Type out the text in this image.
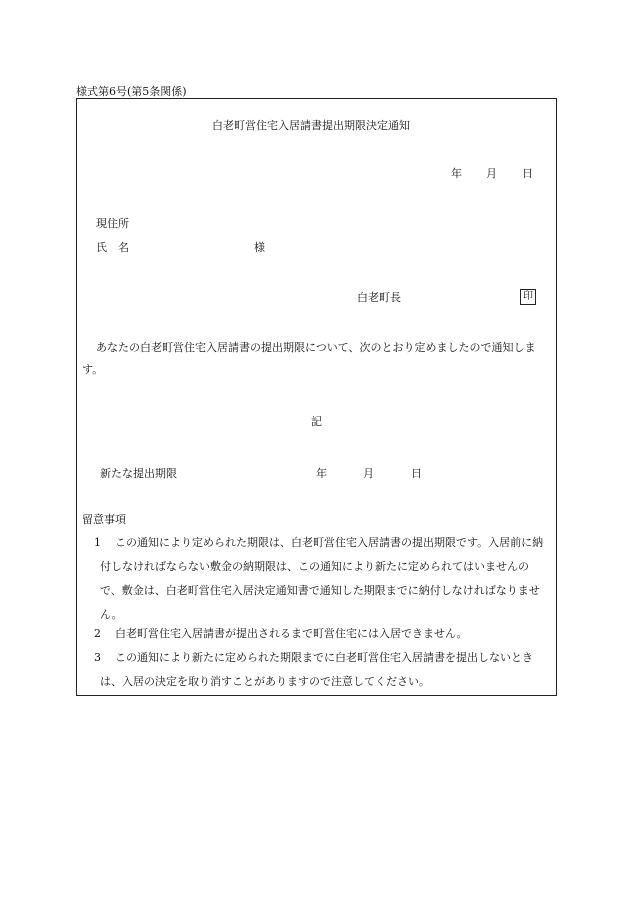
様式第6号(第5条関係)
白老町営住宅入居請書提出期限決定通知
年 月 日
現住所
氏　名	様
白老町長	印
あなたの白老町営住宅入居請書の提出期限について、次のとおり定めましたので通知します。
記
新たな提出期限	年	月	日
留意事項
1	この通知により定められた期限は、白老町営住宅入居請書の提出期限です。入居前に納付しなければならない敷金の納期限は、この通知により新たに定められてはいませんので、敷金は、白老町営住宅入居決定通知書で通知した期限までに納付しなければなりません。
2	白老町営住宅入居請書が提出されるまで町営住宅には入居できません。
3	この通知により新たに定められた期限までに白老町営住宅入居請書を提出しないときは、入居の決定を取り消すことがありますので注意してください。
